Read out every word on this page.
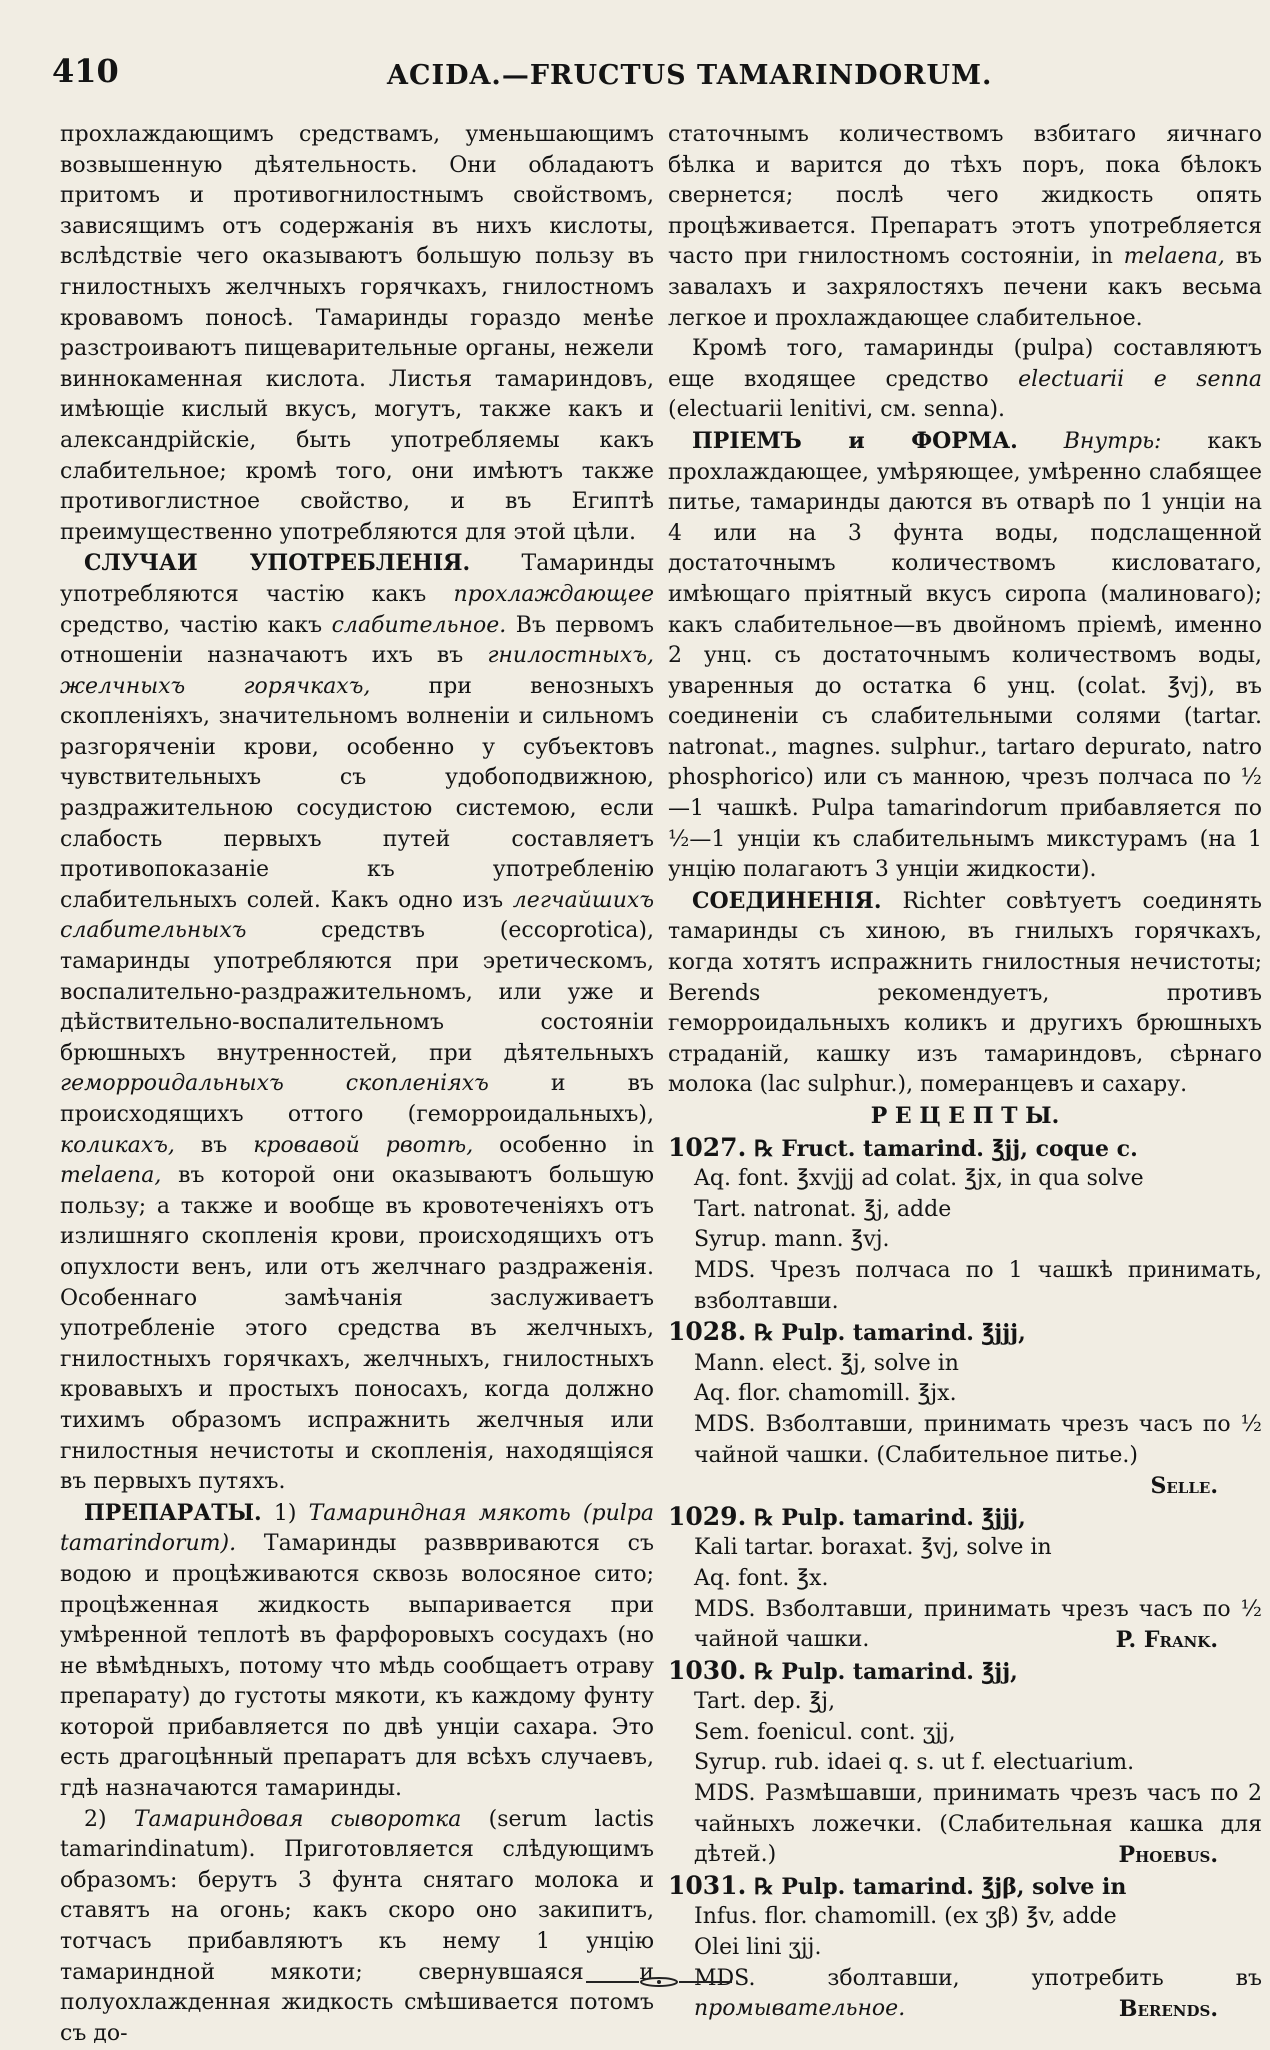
410	ACIDA.—FRUCTUS TAMARINDORUM.

прохлаждающимъ средствамъ, уменьшающимъ возвышенную дѣятельность. Они обладаютъ притомъ и противогнилостнымъ свойствомъ, зависящимъ отъ содержанія въ нихъ кислоты, вслѣдствіе чего оказываютъ большую пользу въ гнилостныхъ желчныхъ горячкахъ, гнилостномъ кровавомъ поносѣ. Тамаринды гораздо менѣе разстроиваютъ пищеварительные органы, нежели виннокаменная кислота. Листья тамариндовъ, имѣющіе кислый вкусъ, могутъ, также какъ и александрійскіе, быть употребляемы какъ слабительное; кромѣ того, они имѣютъ также противоглистное свойство, и въ Египтѣ преимущественно употребляются для этой цѣли.

СЛУЧАИ УПОТРЕБЛЕНІЯ. Тамаринды употребляются частію какъ прохлаждающее средство, частію какъ слабительное. Въ первомъ отношеніи назначаютъ ихъ въ гнилостныхъ, желчныхъ горячкахъ, при венозныхъ скопленіяхъ, значительномъ волненіи и сильномъ разгоряченіи крови, особенно у субъектовъ чувствительныхъ съ удобоподвижною, раздражительною сосудистою системою, если слабость первыхъ путей составляетъ противопоказаніе къ употребленію слабительныхъ солей. Какъ одно изъ легчайшихъ слабительныхъ средствъ (eccoprotica), тамаринды употребляются при эретическомъ, воспалительно-раздражительномъ, или уже и дѣйствительно-воспалительномъ состояніи брюшныхъ внутренностей, при дѣятельныхъ геморроидальныхъ скопленіяхъ и въ происходящихъ оттого (геморроидальныхъ), коликахъ, въ кровавой рвотѣ, особенно in melaena, въ которой они оказываютъ большую пользу; а также и вообще въ кровотеченіяхъ отъ излишняго скопленія крови, происходящихъ отъ опухлости венъ, или отъ желчнаго раздраженія. Особеннаго замѣчанія заслуживаетъ употребленіе этого средства въ желчныхъ, гнилостныхъ горячкахъ, желчныхъ, гнилостныхъ кровавыхъ и простыхъ поносахъ, когда должно тихимъ образомъ испражнить желчныя или гнилостныя нечистоты и скопленія, находящіяся въ первыхъ путяхъ.

ПРЕПАРАТЫ. 1) Тамариндная мякоть (pulpa tamarindorum). Тамаринды разввриваются съ водою и процѣживаются сквозь волосяное сито; процѣженная жидкость выпаривается при умѣренной теплотѣ въ фарфоровыхъ сосудахъ (но не вѣмѣдныхъ, потому что мѣдь сообщаетъ отраву препарату) до густоты мякоти, къ каждому фунту которой прибавляется по двѣ унціи сахара. Это есть драгоцѣнный препаратъ для всѣхъ случаевъ, гдѣ назначаются тамаринды.

2) Тамариндовая сыворотка (serum lactis tamarindinatum). Приготовляется слѣдующимъ образомъ: берутъ 3 фунта снятаго молока и ставятъ на огонь; какъ скоро оно закипитъ, тотчасъ прибавляютъ къ нему 1 унцію тамариндной мякоти; свернувшаяся и полуохлажденная жидкость смѣшивается потомъ съ до-

статочнымъ количествомъ взбитаго яичнаго бѣлка и варится до тѣхъ поръ, пока бѣлокъ свернется; послѣ чего жидкость опять процѣживается. Препаратъ этотъ употребляется часто при гнилостномъ состояніи, in melaena, въ завалахъ и захрялостяхъ печени какъ весьма легкое и прохлаждающее слабительное.

Кромѣ того, тамаринды (pulpa) составляютъ еще входящее средство electuarii e senna (electuarii lenitivi, см. senna).

ПРІЕМЪ и ФОРМА. Внутрь: какъ прохлаждающее, умѣряющее, умѣренно слабящее питье, тамаринды даются въ отварѣ по 1 унціи на 4 или на 3 фунта воды, подслащенной достаточнымъ количествомъ кисловатаго, имѣющаго пріятный вкусъ сиропа (малиноваго); какъ слабительное—въ двойномъ пріемѣ, именно 2 унц. съ достаточнымъ количествомъ воды, уваренныя до остатка 6 унц. (colat. ℥vj), въ соединеніи съ слабительными солями (tartar. natronat., magnes. sulphur., tartaro depurato, natro phosphorico) или съ манною, чрезъ полчаса по ½—1 чашкѣ. Pulpa tamarindorum прибавляется по ½—1 унціи къ слабительнымъ микстурамъ (на 1 унцію полагаютъ 3 унціи жидкости).

СОЕДИНЕНІЯ. Richter совѣтуетъ соединять тамаринды съ хиною, въ гнилыхъ горячкахъ, когда хотятъ испражнить гнилостныя нечистоты; Berends рекомендуетъ, противъ геморроидальныхъ коликъ и другихъ брюшныхъ страданій, кашку изъ тамариндовъ, сѣрнаго молока (lac sulphur.), померанцевъ и сахару.

Р Е Ц Е П Т Ы.

1027. ℞ Fruct. tamarind. ℥jj, coque c.
Aq. font. ℥xvjjj ad colat. ℥jx, in qua solve
Tart. natronat. ℥j, adde
Syrup. mann. ℥vj.
MDS. Чрезъ полчаса по 1 чашкѣ принимать, взболтавши.
1028. ℞ Pulp. tamarind. ℥jjj,
Mann. elect. ℥j, solve in
Aq. flor. chamomill. ℥jx.
MDS. Взболтавши, принимать чрезъ часъ по ½ чайной чашки. (Слабительное питье.)
Selle.
1029. ℞ Pulp. tamarind. ℥jjj,
Kali tartar. boraxat. ℥vj, solve in
Aq. font. ℥x.
MDS. Взболтавши, принимать чрезъ часъ по ½ чайной чашки.	P. Frank.
1030. ℞ Pulp. tamarind. ℥jj,
Tart. dep. ℥j,
Sem. foenicul. cont. ʒjj,
Syrup. rub. idaei q. s. ut f. electuarium.
MDS. Размѣшавши, принимать чрезъ часъ по 2 чайныхъ ложечки. (Слабительная кашка для дѣтей.)	Phoebus.
1031. ℞ Pulp. tamarind. ℥jβ, solve in
Infus. flor. chamomill. (ex ʒβ) ℥v, adde
Olei lini ʒjj.
MDS. зболтавши, употребить въ промывательное.	Berends.
